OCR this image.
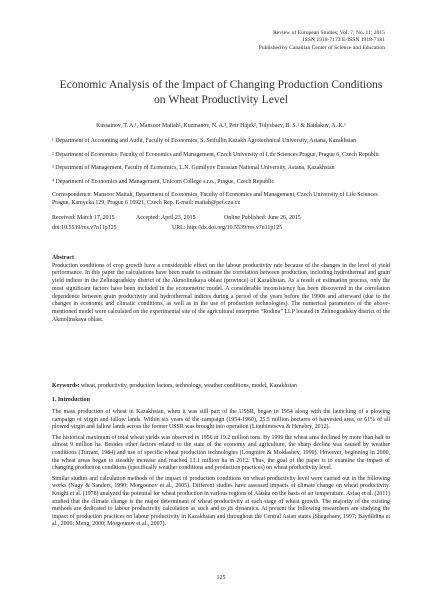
Review of European Studies; Vol. 7, No. 11; 2015
ISSN 1918-7173 E-ISSN 1918-7181
Published by Canadian Center of Science and Education
Economic Analysis of the Impact of Changing Production Conditions
on Wheat Productivity Level
Kussainov, T. A.¹, Mansoor Maitah², Kuzmanov, N. A.³, Petr Hájek², Tolysbaev, B. S.³ & Baidakov, A. K.¹
¹ Department of Accounting and Audit, Faculty of Economics, S. Seifullin Kazakh Agrotechnical University, Astana, Kazakhstan
² Department of Economics, Faculty of Economics and Management, Czech University of Life Sciences Prague, Prague 6, Czech Republic
³ Department of Management, Faculty of Economics, L.N. Gumilyov Eurasian National University, Astana, Kazakhstan
⁴ Department of Economics and Management, Unicorn College s.r.o., Prague, Czech Republic
Correspondence: Mansoor Maitah, Department of Economics, Faculty of Economics and Management, Czech University of Life Sciences Prague, Kamycka 129, Prague 6 16921, Czech Rep. E-mail: maitah@pef.czu.cz
Received: March 17, 2015	Accepted: April 23, 2015	Online Published: June 26, 2015
doi:10.5539/res.v7n11p125	URL: http://dx.doi.org/10.5539/res.v7n11p125
Abstract
Production conditions of crop growth have a considerable effect on the labour productivity rate because of the changes in the level of yield performance. In this paper the calculations have been made to estimate the correlation between production, including hydrothermal and grain yield indices in the Zelinogradskiy district of the Akmolinskaya oblast (province) of Kazakhstan. As a result of estimation process, only the most significant factors have been included in the econometric model. A considerable inconsistency has been discovered in the correlation dependence between grain productivity and hydrothermal indices during a period of the years before the 1990s and afterward (due to the changes in economic and climatic conditions, as well as in the use of production technologies). The numerical parameters of the above-mentioned model were calculated on the experimental site of the agricultural enterprise “Rodina” LLP located in Zelinogradskiy district of the Akmolinskaya oblast.
Keywords: wheat, productivity, production factors, technology, weather conditions, model, Kazakhstan
1. Introduction

The mass production of wheat in Kazakhstan, when it was still part of the USSR, began in 1954 along with the launching of a plowing campaign of virgin and fallow lands. Within six years of the campaign (1954-1960), 25.5 million hectares of harvested area, or 61% of all plowed virgin and fallow lands across the former USSR was brought into operation (Lioubimtseva & Henebry, 2012).

The historical maximum of total wheat yields was observed in 1956 at 19.2 million tons. By 1999 the wheat area declined by more than half to almost 9 million ha. Besides other factors related to the state of the economy and agriculture, the sharp decline was caused by weather conditions (Turrant, 1984) and use of specific wheat production technologies (Longmire & Moldashev, 1999). However, beginning in 2000, the wheat areas began to steadily increase and reached 13.1 million ha in 2012. Thus, the goal of the paper is to examine the impact of changing production conditions (specifically weather conditions and production practices) on wheat productivity level.

Similar studies and calculation methods of the impact of production conditions on wheat productivity level were carried out in the following works (Nagy & Sanders, 1990; Morgounov et al., 2005). Different studies have assessed impacts of climate change on wheat productivity. Knight et al. (1978) analyzed the potential for wheat production in various regions of Alaska on the basis of air temperature. Asfaq et al. (2011) studied that the climate change is the major determinant of wheat productivity at each stage of wheat growth. The majority of the existing methods are dedicated to labour productivity calculation as such and to its dynamics. At present the following researchers are studying the impact of production practices on labour productivity in Kazakhstan and throughout the Central Asian states (Shegebaev, 1997; Baydildina et al., 2000; Meng, 2000; Morgounov et al., 2007).

125
